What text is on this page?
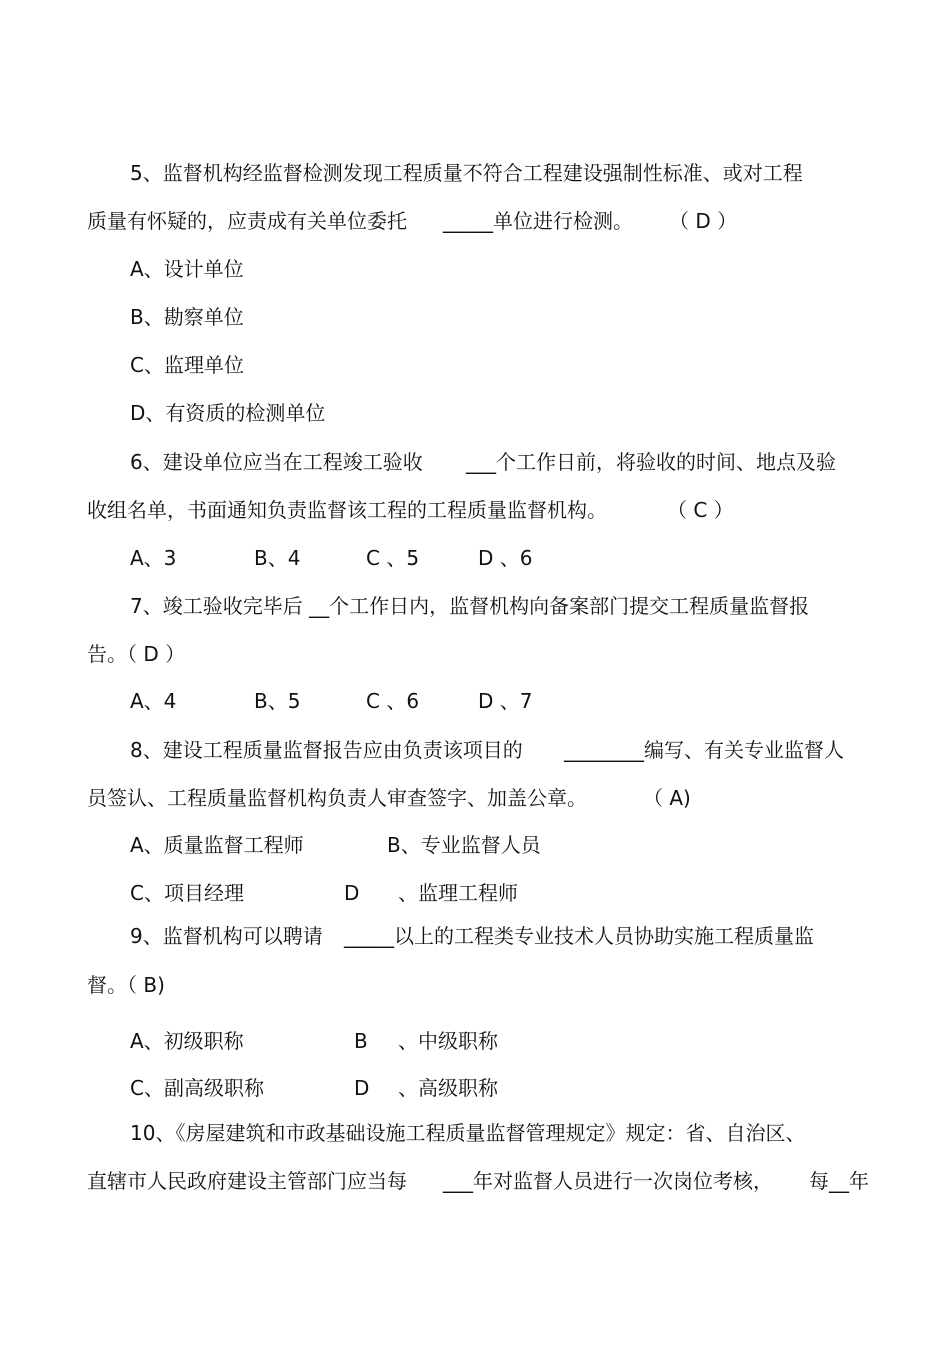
5、监督机构经监督检测发现工程质量不符合工程建设强制性标准、或对工程
质量有怀疑的，应责成有关单位委托 _____单位进行检测。 （ D ）
A、设计单位
B、勘察单位
C、监理单位
D、有资质的检测单位
6、建设单位应当在工程竣工验收 ___个工作日前，将验收的时间、地点及验
收组名单，书面通知负责监督该工程的工程质量监督机构。	（ C ）
A、3	B、4	C 、5	D 、6
7、竣工验收完毕后 __个工作日内，监督机构向备案部门提交工程质量监督报
告。（ D ）
A、4	B、5	C 、6	D 、7
8、建设工程质量监督报告应由负责该项目的 ________编写、有关专业监督人
员签认、工程质量监督机构负责人审查签字、加盖公章。	（ A)
A、质量监督工程师	B、专业监督人员
C、项目经理	D 、监理工程师
9、监督机构可以聘请 _____以上的工程类专业技术人员协助实施工程质量监
督。（ B)
A、初级职称	B 、中级职称
C、副高级职称	D 、高级职称
10、《房屋建筑和市政基础设施工程质量监督管理规定》规定：省、自治区、
直辖市人民政府建设主管部门应当每 ___年对监督人员进行一次岗位考核， 每__年
